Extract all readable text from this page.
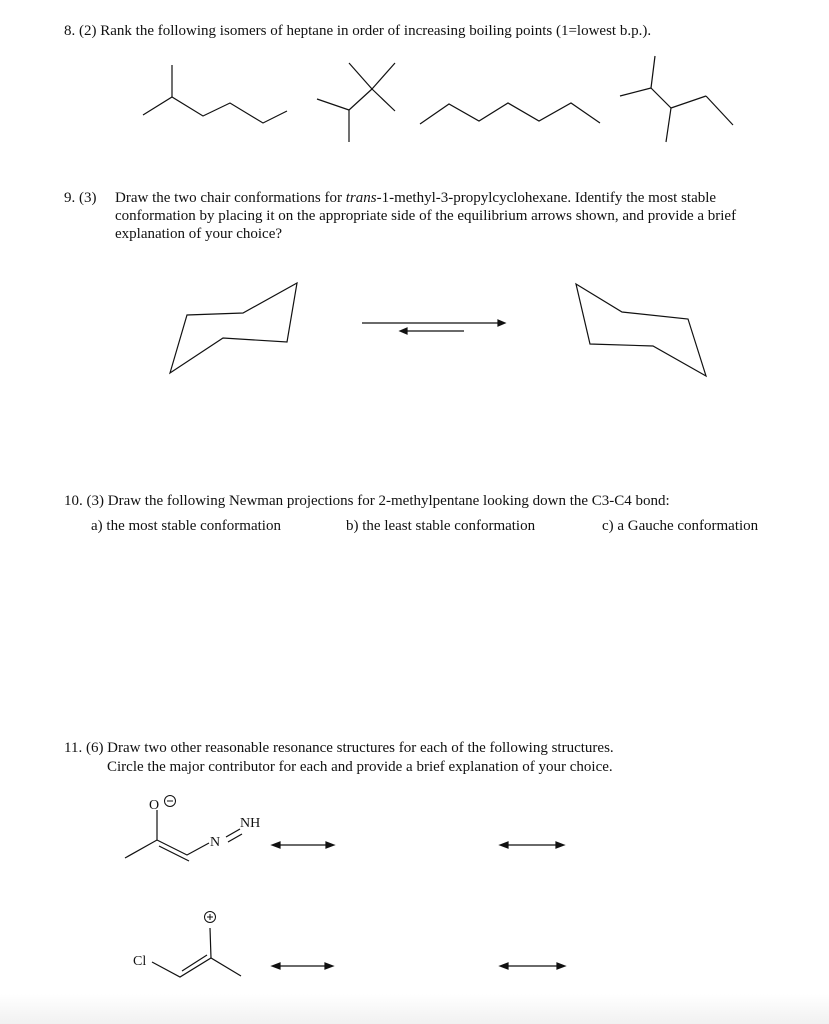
8. (2) Rank the following isomers of heptane in order of increasing boiling points (1=lowest b.p.).

9. (3) Draw the two chair conformations for trans-1-methyl-3-propylcyclohexane. Identify the most stable

conformation by placing it on the appropriate side of the equilibrium arrows shown, and provide a brief

explanation of your choice?

10. (3) Draw the following Newman projections for 2-methylpentane looking down the C3-C4 bond:

a) the most stable conformation	b) the least stable conformation	c) a Gauche conformation

11. (6) Draw two other reasonable resonance structures for each of the following structures.

Circle the major contributor for each and provide a brief explanation of your choice.

O
N
NH
Cl
